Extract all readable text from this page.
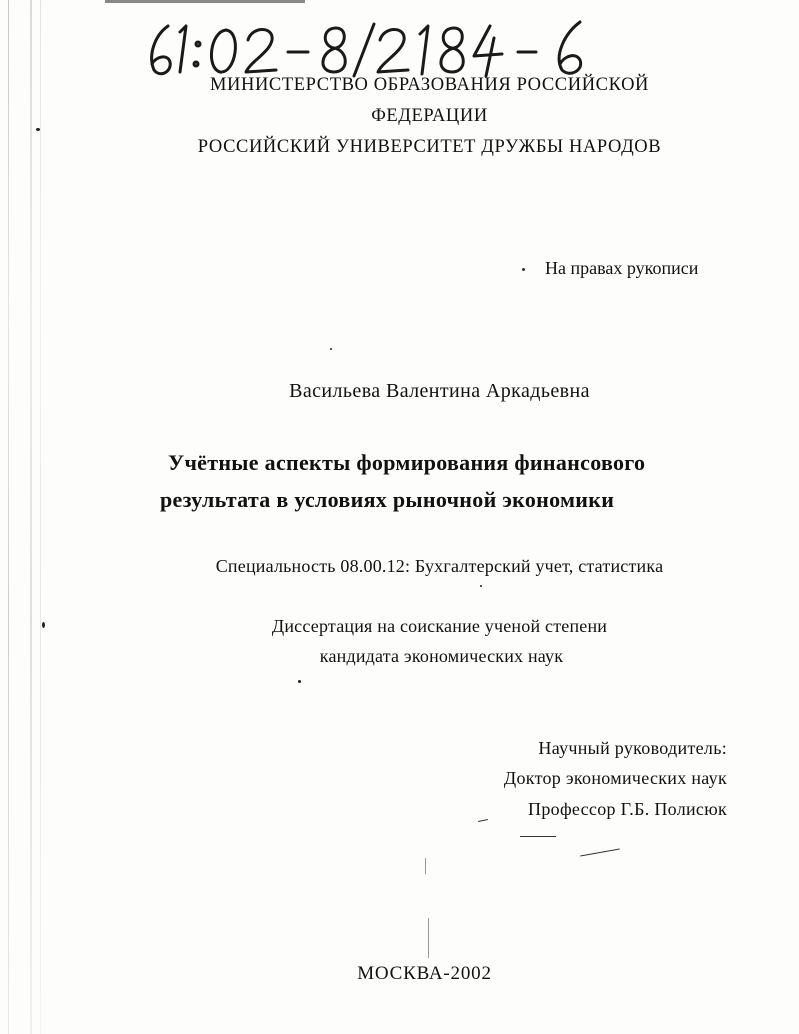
МИНИСТЕРСТВО ОБРАЗОВАНИЯ РОССИЙСКОЙ
ФЕДЕРАЦИИ
РОССИЙСКИЙ УНИВЕРСИТЕТ ДРУЖБЫ НАРОДОВ
На правах рукописи
Васильева Валентина Аркадьевна
Учётные аспекты формирования финансового
результата в условиях рыночной экономики
Специальность 08.00.12: Бухгалтерский учет, статистика
Диссертация на соискание ученой степени
кандидата экономических наук
Научный руководитель:
Доктор экономических наук
Профессор Г.Б. Полисюк
МОСКВА-2002
